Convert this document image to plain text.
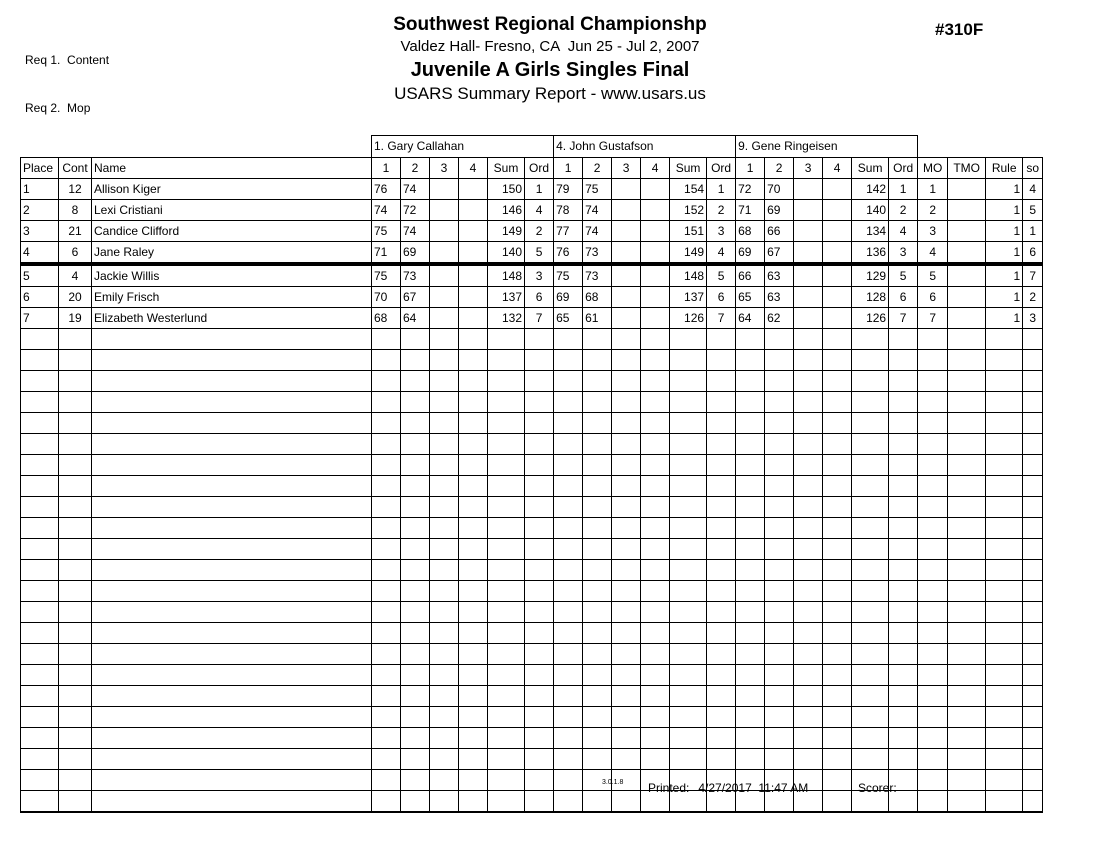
Req 1.  Content

Req 2.  Mop

Southwest Regional Championshp
Valdez Hall- Fresno, CA  Jun 25 - Jul 2, 2007
Juvenile A Girls Singles Final
USARS Summary Report - www.usars.us
#310F
			1. Gary Callahan						4. John Gustafson						9. Gene Ringeisen									
Place	Cont	Name	1	2	3	4	Sum	Ord	1	2	3	4	Sum	Ord	1	2	3	4	Sum	Ord	MO	TMO	Rule	so
1	12	Allison Kiger	76	74			150	1	79	75			154	1	72	70			142	1	1		1	4
2	8	Lexi Cristiani	74	72			146	4	78	74			152	2	71	69			140	2	2		1	5
3	21	Candice Clifford	75	74			149	2	77	74			151	3	68	66			134	4	3		1	1
4	6	Jane Raley	71	69			140	5	76	73			149	4	69	67			136	3	4		1	6
5	4	Jackie Willis	75	73			148	3	75	73			148	5	66	63			129	5	5		1	7
6	20	Emily Frisch	70	67			137	6	69	68			137	6	65	63			128	6	6		1	2
7	19	Elizabeth Westerlund	68	64			132	7	65	61			126	7	64	62			126	7	7		1	3

3.0.1.8 Printed: 4/27/2017  11:47 AM	Scorer:
